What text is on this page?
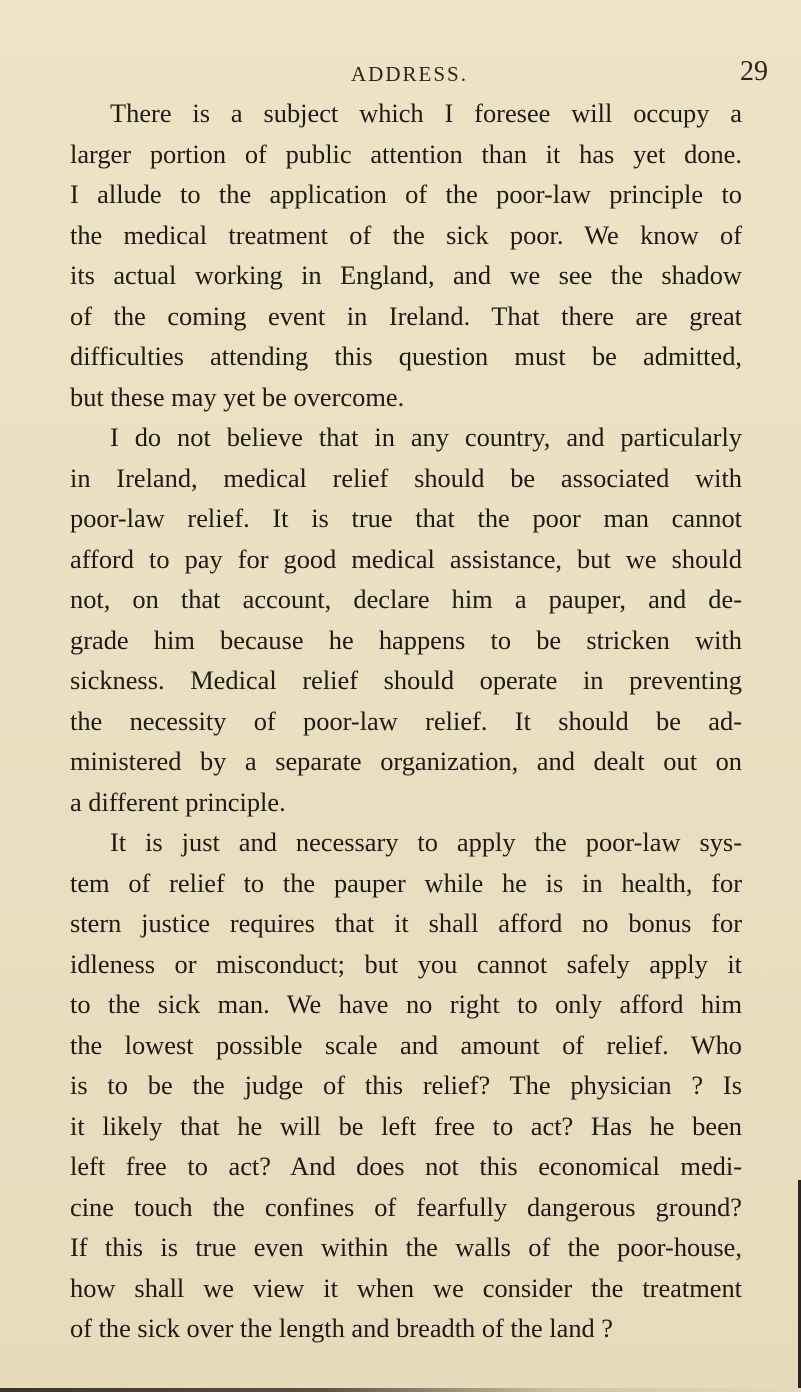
ADDRESS.	29
There is a subject which I foresee will occupy a
larger portion of public attention than it has yet done.
I allude to the application of the poor-law principle to
the medical treatment of the sick poor. We know of
its actual working in England, and we see the shadow
of the coming event in Ireland. That there are great
difficulties attending this question must be admitted,
but these may yet be overcome.
I do not believe that in any country, and particularly
in Ireland, medical relief should be associated with
poor-law relief. It is true that the poor man cannot
afford to pay for good medical assistance, but we should
not, on that account, declare him a pauper, and de-
grade him because he happens to be stricken with
sickness. Medical relief should operate in preventing
the necessity of poor-law relief. It should be ad-
ministered by a separate organization, and dealt out on
a different principle.
It is just and necessary to apply the poor-law sys-
tem of relief to the pauper while he is in health, for
stern justice requires that it shall afford no bonus for
idleness or misconduct; but you cannot safely apply it
to the sick man. We have no right to only afford him
the lowest possible scale and amount of relief. Who
is to be the judge of this relief? The physician ? Is
it likely that he will be left free to act? Has he been
left free to act? And does not this economical medi-
cine touch the confines of fearfully dangerous ground?
If this is true even within the walls of the poor-house,
how shall we view it when we consider the treatment
of the sick over the length and breadth of the land ?
